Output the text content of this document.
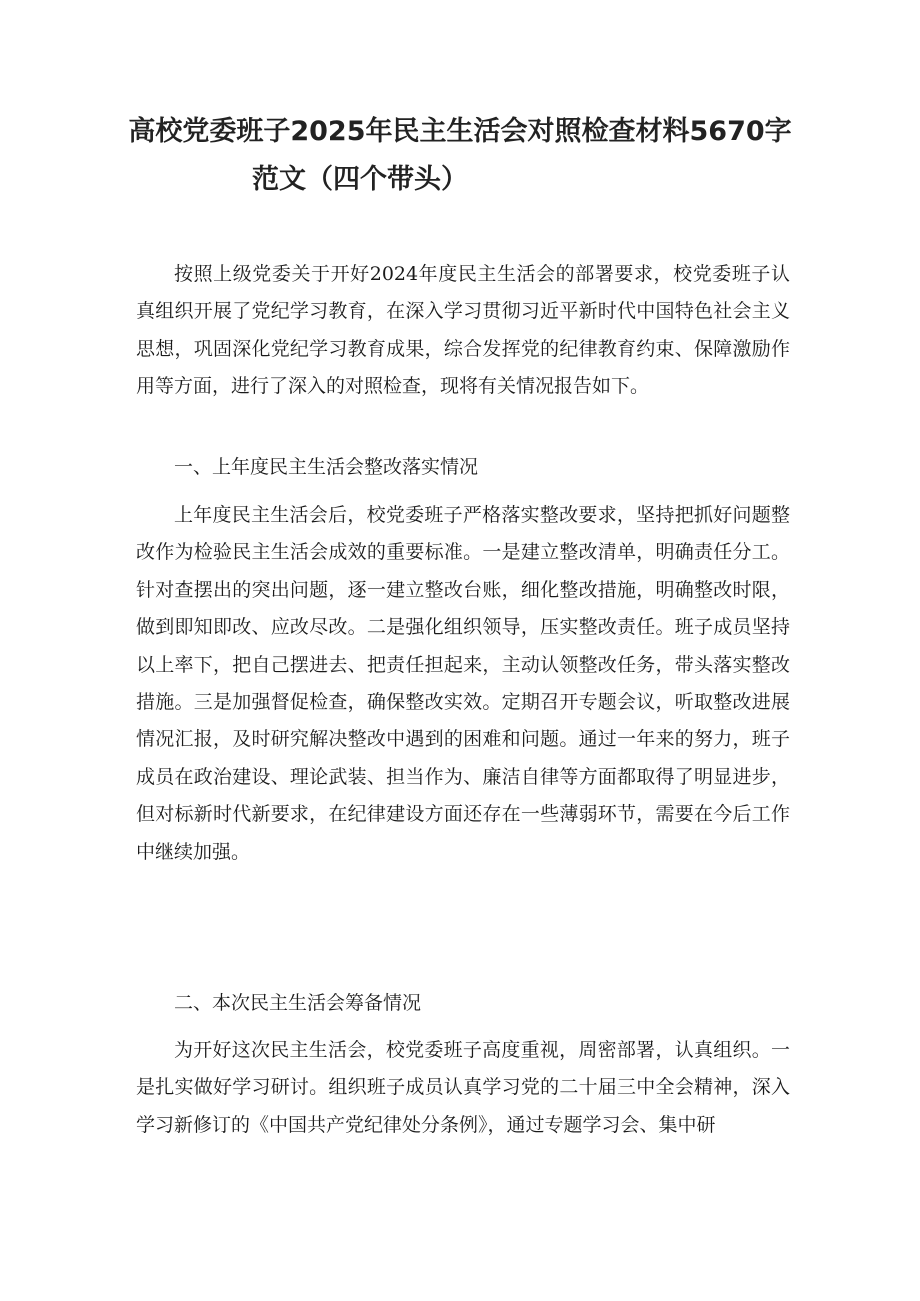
高校党委班子2025年民主生活会对照检查材料5670字
范文（四个带头）

按照上级党委关于开好2024年度民主生活会的部署要求，校党委班子认真组织开展了党纪学习教育，在深入学习贯彻习近平新时代中国特色社会主义思想，巩固深化党纪学习教育成果，综合发挥党的纪律教育约束、保障激励作用等方面，进行了深入的对照检查，现将有关情况报告如下。

一、上年度民主生活会整改落实情况

上年度民主生活会后，校党委班子严格落实整改要求，坚持把抓好问题整改作为检验民主生活会成效的重要标准。一是建立整改清单，明确责任分工。针对查摆出的突出问题，逐一建立整改台账，细化整改措施，明确整改时限，做到即知即改、应改尽改。二是强化组织领导，压实整改责任。班子成员坚持以上率下，把自己摆进去、把责任担起来，主动认领整改任务，带头落实整改措施。三是加强督促检查，确保整改实效。定期召开专题会议，听取整改进展情况汇报，及时研究解决整改中遇到的困难和问题。通过一年来的努力，班子成员在政治建设、理论武装、担当作为、廉洁自律等方面都取得了明显进步，但对标新时代新要求，在纪律建设方面还存在一些薄弱环节，需要在今后工作中继续加强。

二、本次民主生活会筹备情况

为开好这次民主生活会，校党委班子高度重视，周密部署，认真组织。一是扎实做好学习研讨。组织班子成员认真学习党的二十届三中全会精神，深入学习新修订的《中国共产党纪律处分条例》，通过专题学习会、集中研
